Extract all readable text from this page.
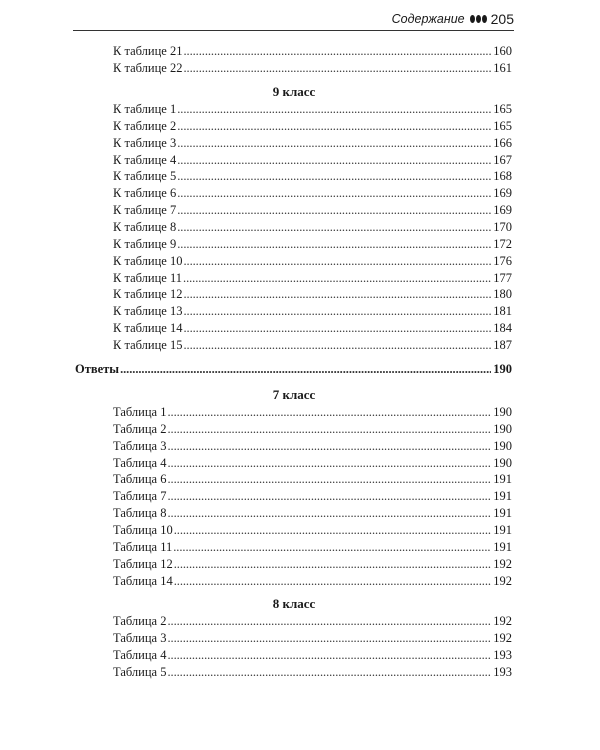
Содержание 205
К таблице 21 . . .	160
К таблице 22 . . .	161
9 класс
К таблице 1 . . .	165
К таблице 2 . . .	165
К таблице 3 . . .	166
К таблице 4 . . .	167
К таблице 5 . . .	168
К таблице 6 . . .	169
К таблице 7 . . .	169
К таблице 8 . . .	170
К таблице 9 . . .	172
К таблице 10 . . .	176
К таблице 11 . . .	177
К таблице 12 . . .	180
К таблице 13 . . .	181
К таблице 14 . . .	184
К таблице 15 . . .	187
Ответы . . .	190
7 класс
Таблица 1 . . .	190
Таблица 2 . . .	190
Таблица 3 . . .	190
Таблица 4 . . .	190
Таблица 6 . . .	191
Таблица 7 . . .	191
Таблица 8 . . .	191
Таблица 10 . . .	191
Таблица 11 . . .	191
Таблица 12 . . .	192
Таблица 14 . . .	192
8 класс
Таблица 2 . . .	192
Таблица 3 . . .	192
Таблица 4 . . .	193
Таблица 5 . . .	193
